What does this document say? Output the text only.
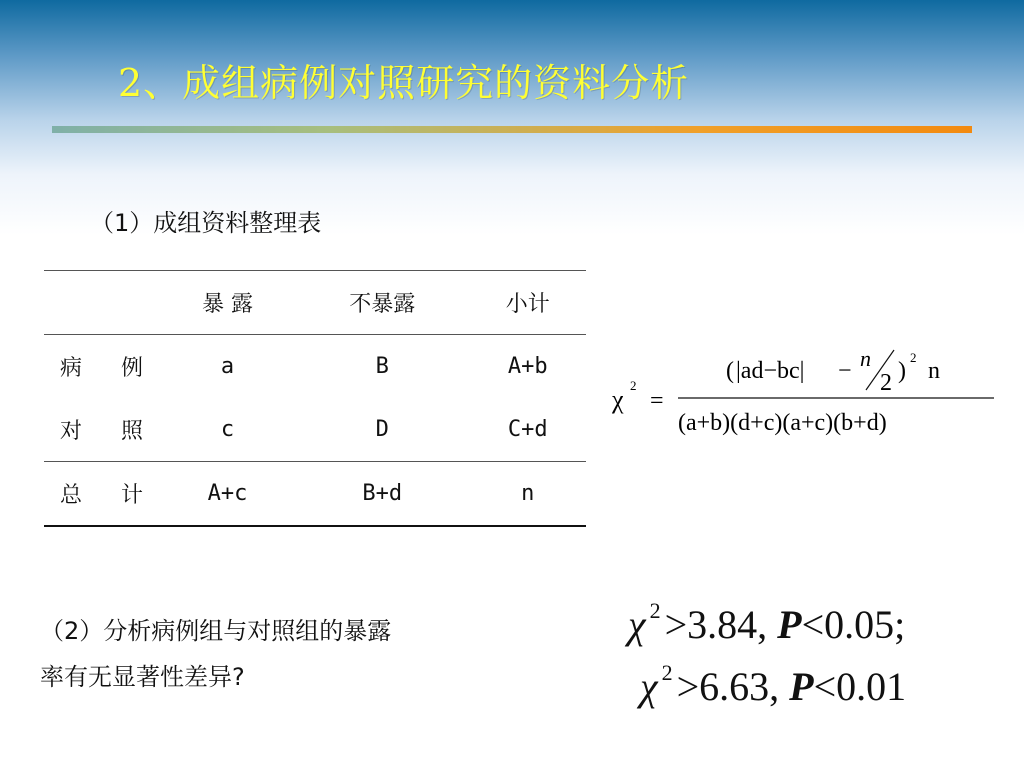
2、成组病例对照研究的资料分析
（1）成组资料整理表
	暴 露	不暴露	小计
病 例	a	B	A+b
对 照	c	D	C+d
总 计	A+c	B+d	n
χ 2
=
( |ad−bc| − n
2 )
2
n
(a+b)(d+c)(a+c)(b+d)
（2）分析病例组与对照组的暴露
率有无显著性差异?
χ $^2$ >3.84, P<0.05;
χ $^2$ >6.63, P<0.01
